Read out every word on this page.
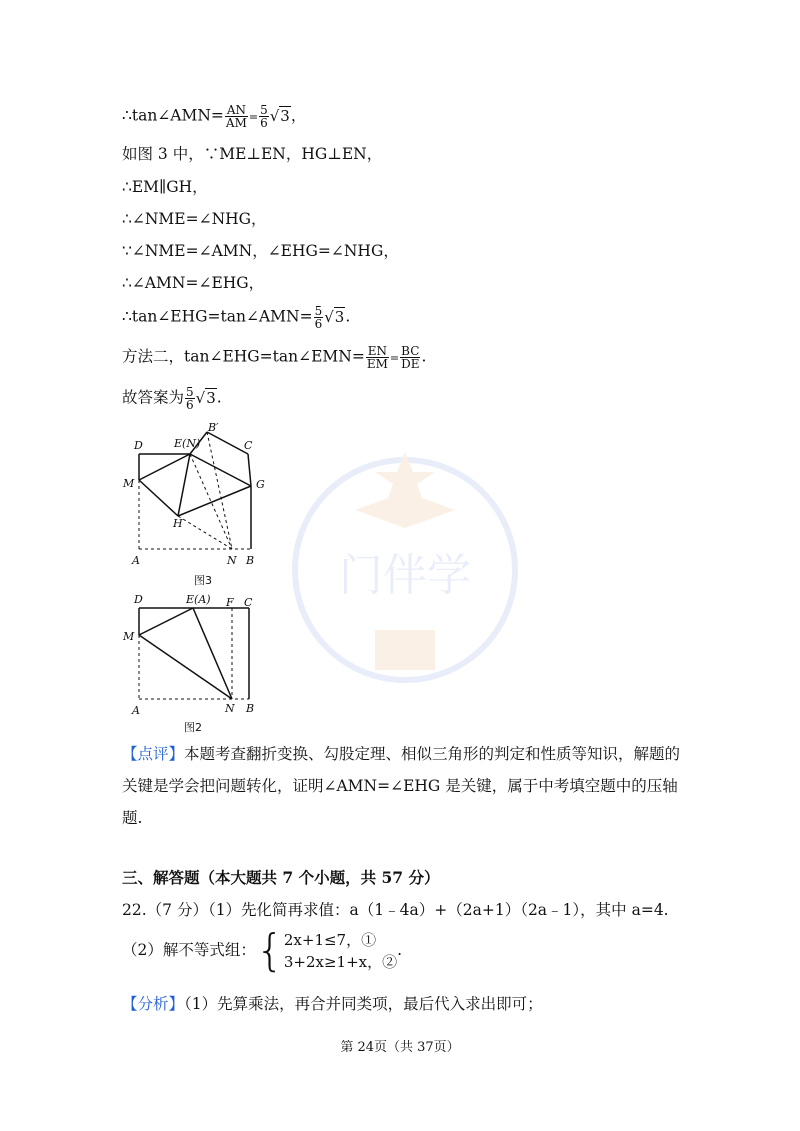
门伴学
∴tan∠AMN= $\frac{AN}{AM} = \frac{5}{6} √3$，
如图 3 中，∵ME⊥EN，HG⊥EN，
∴EM∥GH，
∴∠NME=∠NHG，
∵∠NME=∠AMN，∠EHG=∠NHG，
∴∠AMN=∠EHG，
∴tan∠EHG=tan∠AMN= $\frac{5}{6} √3$.
方法二，tan∠EHG=tan∠EMN= $\frac{EN}{EM} = \frac{BC}{DE}$ .
故答案为 $\frac{5}{6} √3$.
D	E(N)
B′
C
M	G
H
A	N B
图3
D	E(A) F C
M
A	N B
图2
【点评】本题考查翻折变换、勾股定理、相似三角形的判定和性质等知识，解题的关键是学会把问题转化，证明∠AMN=∠EHG 是关键，属于中考填空题中的压轴题.
三、解答题（本大题共 7 个小题，共 57 分）
22.（7 分）（1）先化简再求值：a（1﹣4a）+（2a+1）（2a﹣1），其中 a=4.
（2）解不等式组：{ 2x+1≤7，①
3+2x≥1+x，②
.
【分析】（1）先算乘法，再合并同类项，最后代入求出即可；
第 24页（共 37页）
